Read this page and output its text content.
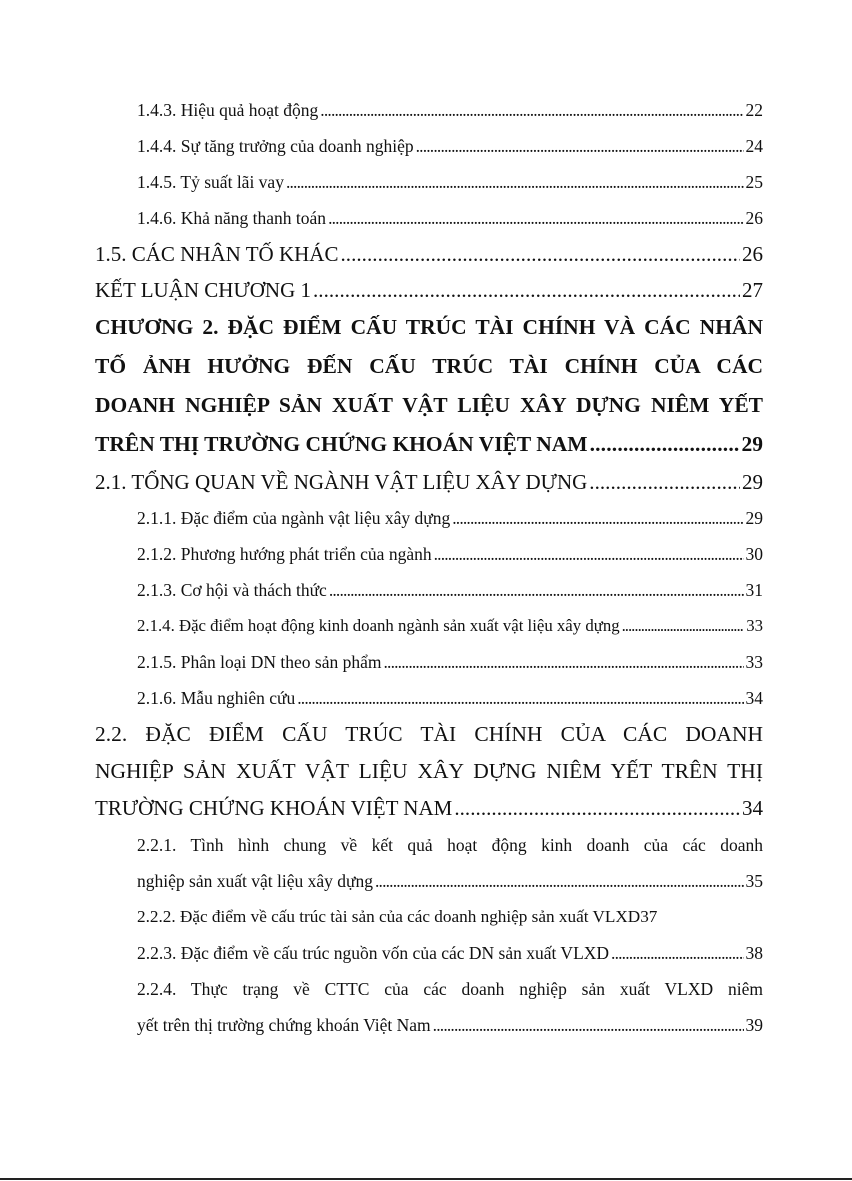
1.4.3. Hiệu quả hoạt động . . .	22
1.4.4. Sự tăng trưởng của doanh nghiệp . . .	24
1.4.5. Tỷ suất lãi vay . . .	25
1.4.6. Khả năng thanh toán . . .	26
1.5. CÁC NHÂN TỐ KHÁC . . .	26
KẾT LUẬN CHƯƠNG 1 . . .	27
CHƯƠNG 2. ĐẶC ĐIỂM CẤU TRÚC TÀI CHÍNH VÀ CÁC NHÂN
TỐ ẢNH HƯỞNG ĐẾN CẤU TRÚC TÀI CHÍNH CỦA CÁC
DOANH NGHIỆP SẢN XUẤT VẬT LIỆU XÂY DỰNG NIÊM YẾT
TRÊN THỊ TRƯỜNG CHỨNG KHOÁN VIỆT NAM . . .	29
2.1. TỔNG QUAN VỀ NGÀNH VẬT LIỆU XÂY DỰNG . . .	29
2.1.1. Đặc điểm của ngành vật liệu xây dựng . . .	29
2.1.2. Phương hướng phát triển của ngành . . .	30
2.1.3. Cơ hội và thách thức . . .	31
2.1.4. Đặc điểm hoạt động kinh doanh ngành sản xuất vật liệu xây dựng . . .	33
2.1.5. Phân loại DN theo sản phẩm . . .	33
2.1.6. Mẫu nghiên cứu . . .	34
2.2. ĐẶC ĐIỂM CẤU TRÚC TÀI CHÍNH CỦA CÁC DOANH
NGHIỆP SẢN XUẤT VẬT LIỆU XÂY DỰNG NIÊM YẾT TRÊN THỊ
TRƯỜNG CHỨNG KHOÁN VIỆT NAM . . .	34
2.2.1. Tình hình chung về kết quả hoạt động kinh doanh của các doanh
nghiệp sản xuất vật liệu xây dựng . . .	35
2.2.2. Đặc điểm về cấu trúc tài sản của các doanh nghiệp sản xuất VLXD 37
2.2.3. Đặc điểm về cấu trúc nguồn vốn của các DN sản xuất VLXD . . .	38
2.2.4. Thực trạng về CTTC của các doanh nghiệp sản xuất VLXD niêm
yết trên thị trường chứng khoán Việt Nam . . .	39
